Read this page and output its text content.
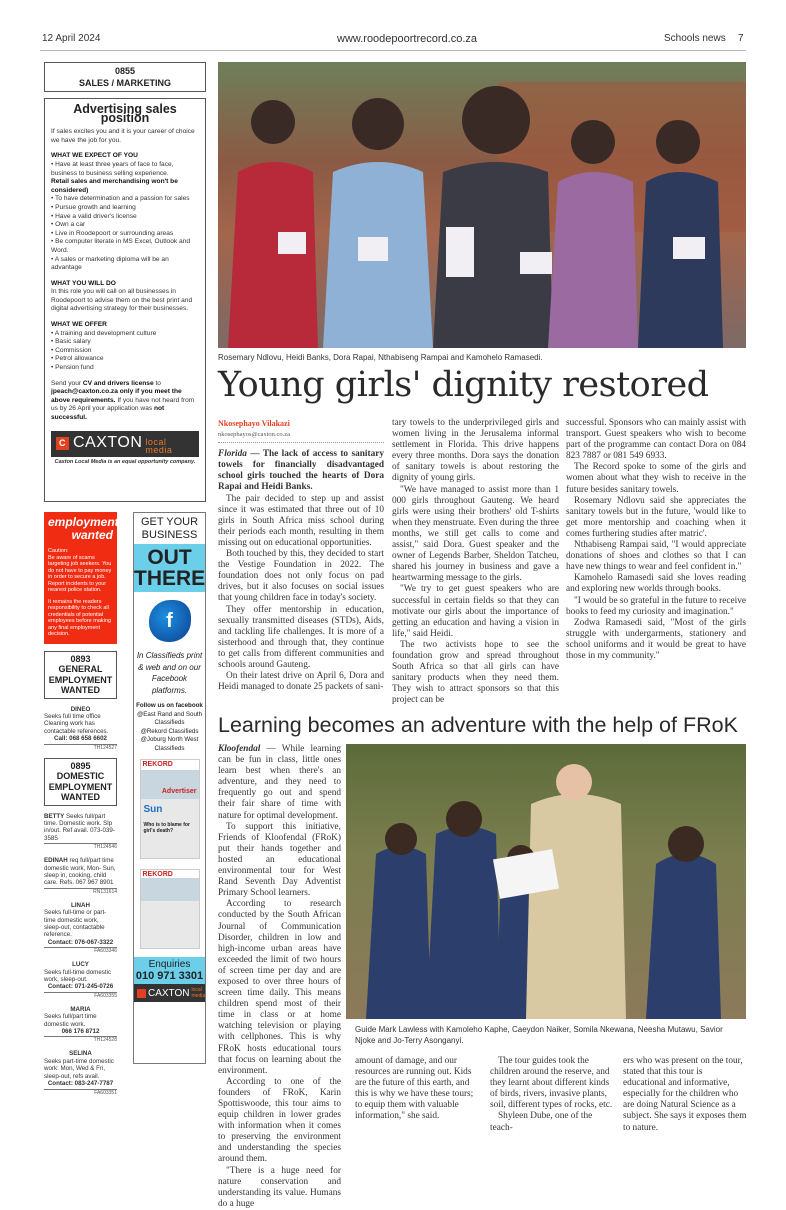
12 April 2024	www.roodepoortrecord.co.za	Schools news 7
0855
SALES / MARKETING
Advertising sales position
If sales excites you and it is your career of choice we have the job for you.
WHAT WE EXPECT OF YOU
• Have at least three years of face to face, business to business selling experience.
Retail sales and merchandising won't be considered)
• To have determination and a passion for sales
• Pursue growth and learning
• Have a valid driver's license
• Own a car
• Live in Roodepoort or surrounding areas
• Be computer literate in MS Excel, Outlook and Word.
• A sales or marketing diploma will be an advantage
WHAT YOU WILL DO
In this role you will call on all businesses in Roodepoort to advise them on the best print and digital advertising strategy for their businesses.
WHAT WE OFFER
• A training and development culture
• Basic salary
• Commission
• Petrol allowance
• Pension fund
Send your CV and drivers license to jpeach@caxton.co.za only if you meet the above requirements. If you have not heard from us by 26 April your application was not successful.
C CAXTON local media
Caxton Local Media is an equal opportunity company.
employment
wanted
Caution:
Be aware of scams targeting job seekers. You do not have to pay money in order to secure a job. Report incidents to your nearest police station.
It remains the readers responsibility to check all credentials of potential employees before making any final employment decision.
0893
GENERAL
EMPLOYMENT
WANTED
DINEO
Seeks full time office Cleaning work has contactable references.
Call: 068 658 6602
TH124527
0895
DOMESTIC
EMPLOYMENT
WANTED
BETTY Seeks full/part time. Domestic work. Slp in/out. Ref avail. 073-039-3585
TH124546
EDINAH req full/part time domestic work, Mon- Sun, sleep in, cooking, child care. Refs. 067 967 8901
RN131614
LINAH
Seeks full-time or part-time domestic work, sleep-out, contactable reference.
Contact: 076-067-3322
FA603346
LUCY
Seeks full-time domestic work, sleep-out.
Contact: 071-245-0726
FA603355
MARIA
Seeks full/part time domestic work.
066 176 8712
TH124528
SELINA
Seeks part-time domestic work: Mon, Wed & Fri, sleep-out, refs avail.
Contact: 083-247-7787
FA603351
GET YOUR
BUSINESS
OUT
THERE
f
In Classifieds print & web and on our Facebook platforms.
Follow us on facebook
@East Rand and South Classifieds
@Rekord Classifieds
@Joburg North West Classifieds
REKORD
Advertiser
Sun
Who is to blame for girl's death?
REKORD
Enquiries
010 971 3301
CAXTON local media
Rosemary Ndlovu, Heidi Banks, Dora Rapai, Nthabiseng Rampai and Kamohelo Ramasedi.
Young girls' dignity restored
Nkosephayo Vilakazi
nkosephayos@caxton.co.za

Florida — The lack of access to sanitary towels for financially disadvantaged school girls touched the hearts of Dora Rapai and Heidi Banks.

The pair decided to step up and assist since it was estimated that three out of 10 girls in South Africa miss school during their periods each month, resulting in them missing out on educational opportunities.

Both touched by this, they decided to start the Vestige Foundation in 2022. The foundation does not only focus on pad drives, but it also focuses on social issues that young children face in today's society.

They offer mentorship in education, sexually transmitted diseases (STDs), Aids, and tackling life challenges. It is more of a sisterhood and through that, they continue to get calls from different communities and schools around Gauteng.

On their latest drive on April 6, Dora and Heidi managed to donate 25 packets of sani-

tary towels to the underprivileged girls and women living in the Jerusalema informal settlement in Florida. This drive happens every three months. Dora says the donation of sanitary towels is about restoring the dignity of young girls.

"We have managed to assist more than 1 000 girls throughout Gauteng. We heard girls were using their brothers' old T-shirts when they menstruate. Even during the three months, we still get calls to come and assist," said Dora. Guest speaker and the owner of Legends Barber, Sheldon Tatcheu, shared his journey in business and gave a heartwarming message to the girls.

"We try to get guest speakers who are successful in certain fields so that they can motivate our girls about the importance of getting an education and having a vision in life," said Heidi.

The two activists hope to see the foundation grow and spread throughout South Africa so that all girls can have sanitary products when they need them. They wish to attract sponsors so that this project can be

successful. Sponsors who can mainly assist with transport. Guest speakers who wish to become part of the programme can contact Dora on 084 823 7887 or 081 549 6933.

The Record spoke to some of the girls and women about what they wish to receive in the future besides sanitary towels.

Rosemary Ndlovu said she appreciates the sanitary towels but in the future, 'would like to get more mentorship and coaching when it comes furthering studies after matric'.

Nthabiseng Rampai said, "I would appreciate donations of shoes and clothes so that I can have new things to wear and feel confident in."

Kamohelo Ramasedi said she loves reading and exploring new worlds through books.

"I would be so grateful in the future to receive books to feed my curiosity and imagination."

Zodwa Ramasedi said, "Most of the girls struggle with undergarments, stationery and school uniforms and it would be great to have those in my community."

Learning becomes an adventure with the help of FRoK

Kloofendal — While learning can be fun in class, little ones learn best when there's an adventure, and they need to frequently go out and spend their fair share of time with nature for optimal development.

To support this initiative, Friends of Kloofendal (FRoK) put their hands together and hosted an educational environmental tour for West Rand Seventh Day Adventist Primary School learners.

According to research conducted by the South African Journal of Communication Disorder, children in low and high-income urban areas have exceeded the limit of two hours of screen time per day and are exposed to over three hours of screen time daily. This means children spend most of their time in class or at home watching television or playing with cellphones. This is why FRoK hosts educational tours that focus on learning about the environment.

According to one of the founders of FRoK, Karin Spottiswoode, this tour aims to equip children in lower grades with information when it comes to preserving the environment and understanding the species around them.

"There is a huge need for nature conservation and understanding its value. Humans do a huge

Guide Mark Lawless with Kamoleho Kaphe, Caeydon Naiker, Somila Nkewana, Neesha Mutawu, Savior Njoke and Jo-Terry Asonganyi.

amount of damage, and our resources are running out. Kids are the future of this earth, and this is why we have these tours; to equip them with valuable information," she said.

The tour guides took the children around the reserve, and they learnt about different kinds of birds, rivers, invasive plants, soil, different types of rocks, etc.

Shyleen Dube, one of the teach-

ers who was present on the tour, stated that this tour is educational and informative, especially for the children who are doing Natural Science as a subject. She says it exposes them to nature.
